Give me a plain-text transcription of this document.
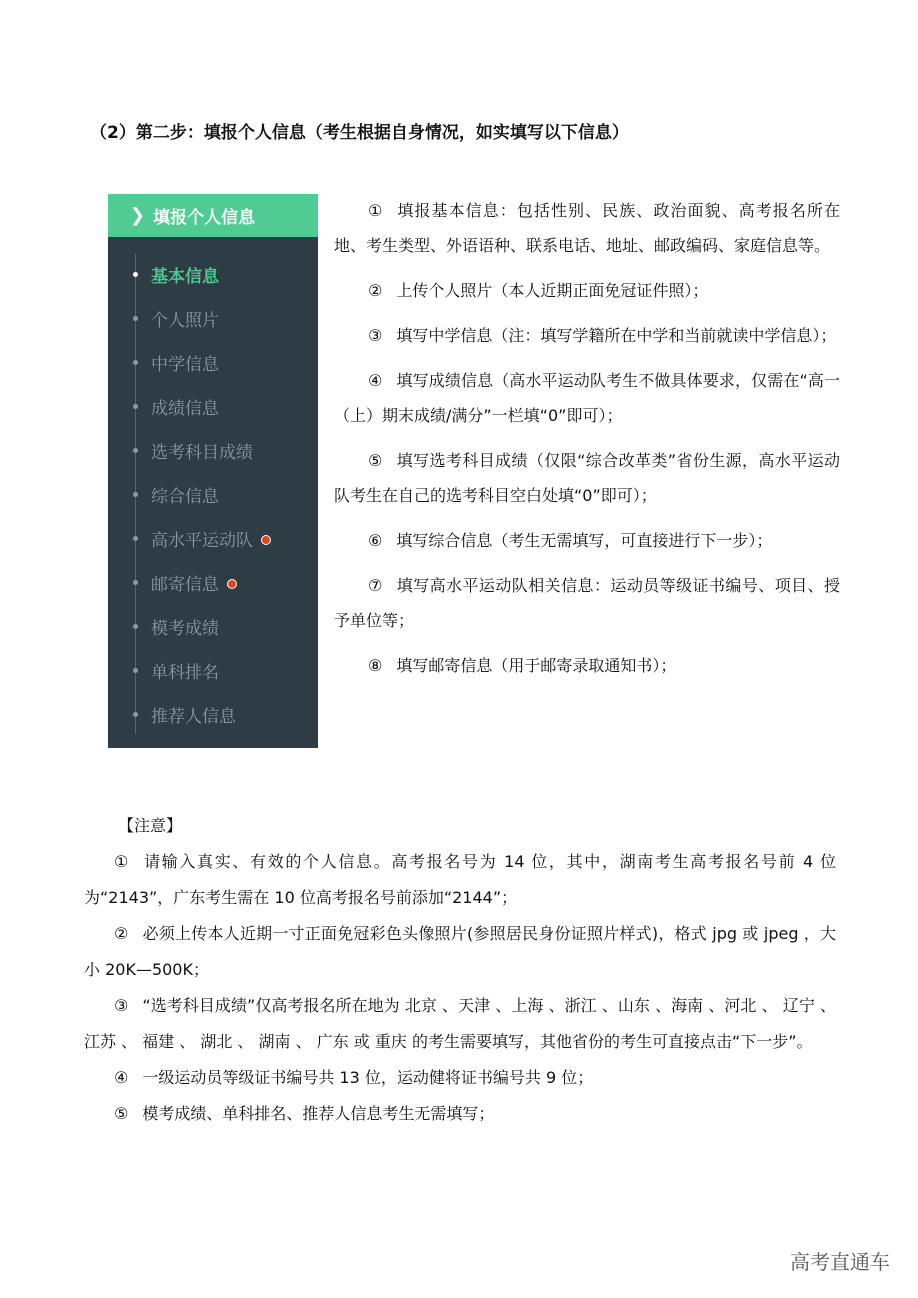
（2）第二步：填报个人信息（考生根据自身情况，如实填写以下信息）
❯ 填报个人信息
基本信息
个人照片
中学信息
成绩信息
选考科目成绩
综合信息
高水平运动队
邮寄信息
模考成绩
单科排名
推荐人信息

① 填报基本信息：包括性别、民族、政治面貌、高考报名所在地、考生类型、外语语种、联系电话、地址、邮政编码、家庭信息等。

② 上传个人照片（本人近期正面免冠证件照）；

③ 填写中学信息（注：填写学籍所在中学和当前就读中学信息）；

④ 填写成绩信息（高水平运动队考生不做具体要求，仅需在“高一（上）期末成绩/满分”一栏填“0”即可）；

⑤ 填写选考科目成绩（仅限“综合改革类”省份生源，高水平运动队考生在自己的选考科目空白处填“0”即可）；

⑥ 填写综合信息（考生无需填写，可直接进行下一步）；

⑦ 填写高水平运动队相关信息：运动员等级证书编号、项目、授予单位等；

⑧ 填写邮寄信息（用于邮寄录取通知书）；

【注意】

① 请输入真实、有效的个人信息。高考报名号为 14 位，其中，湖南考生高考报名号前 4 位为“2143”，广东考生需在 10 位高考报名号前添加“2144”；

② 必须上传本人近期一寸正面免冠彩色头像照片(参照居民身份证照片样式)，格式 jpg 或 jpeg ，大小 20K—500K；

③ “选考科目成绩”仅高考报名所在地为 北京 、天津 、上海 、浙江 、山东 、海南 、河北 、 辽宁 、 江苏 、 福建 、 湖北 、 湖南 、 广东 或 重庆 的考生需要填写，其他省份的考生可直接点击“下一步”。

④ 一级运动员等级证书编号共 13 位，运动健将证书编号共 9 位；

⑤ 模考成绩、单科排名、推荐人信息考生无需填写；

高考直通车
